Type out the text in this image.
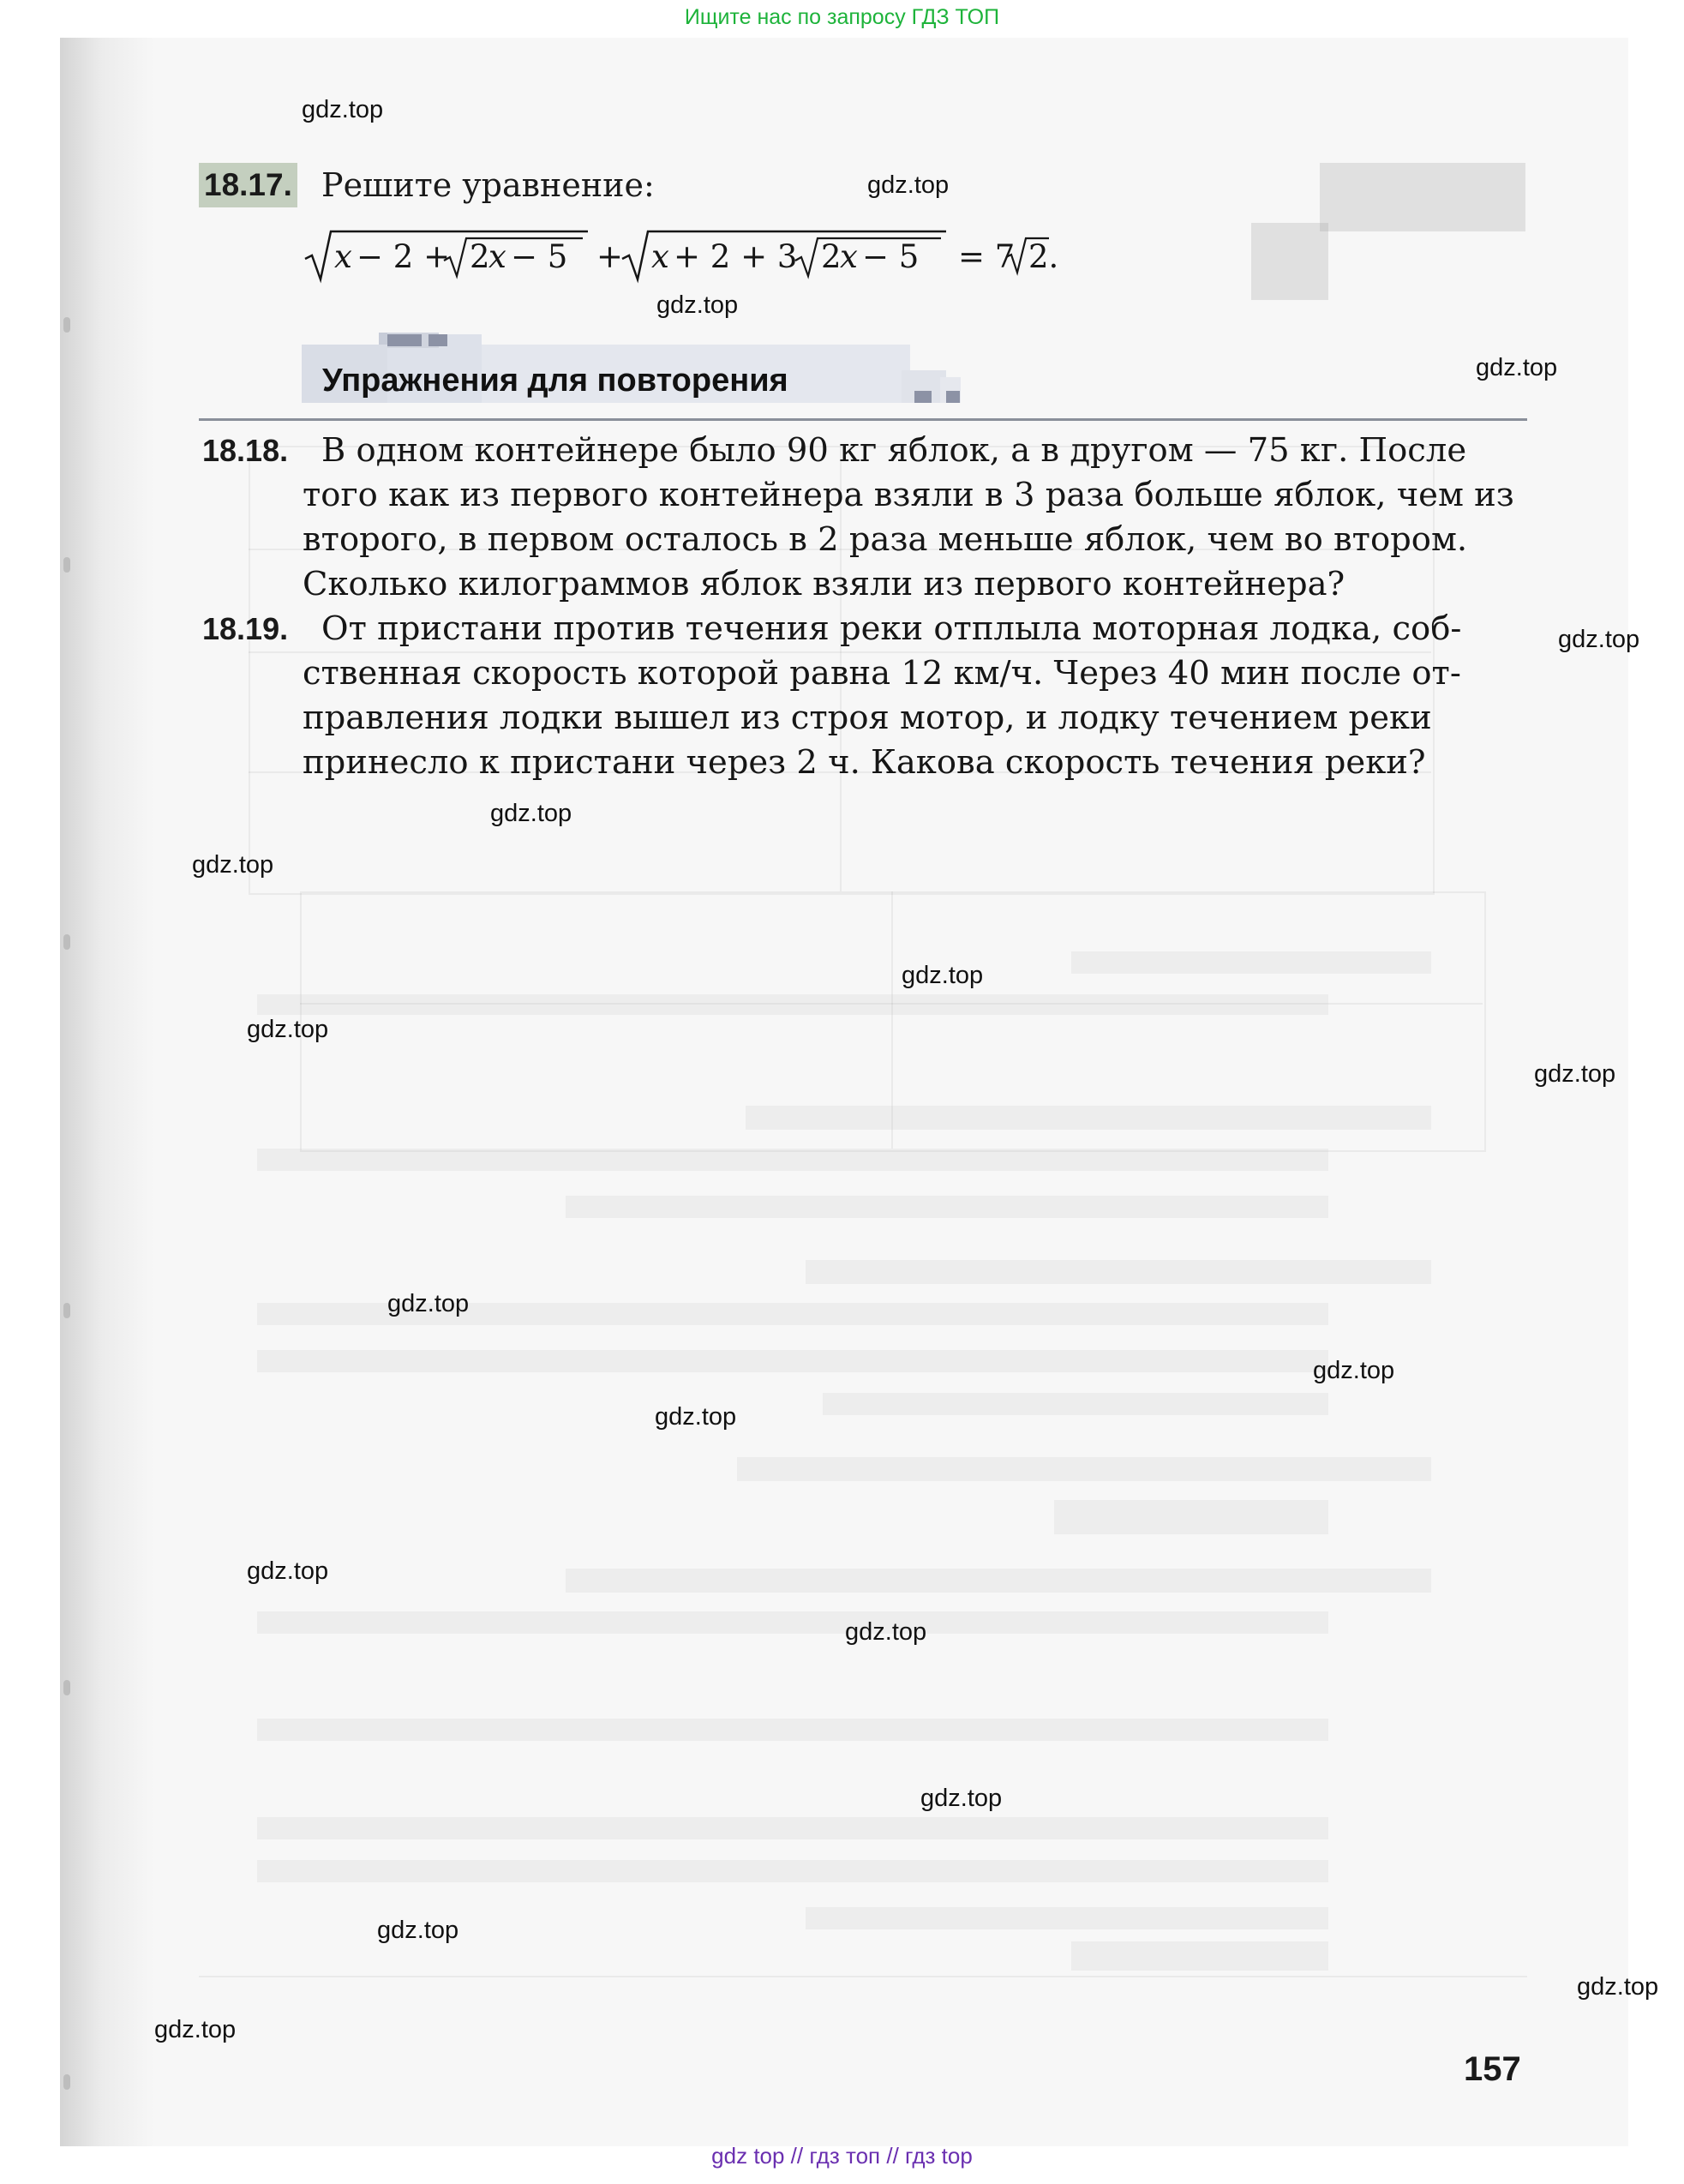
Ищите нас по запросу ГДЗ ТОП
18.17. Решите уравнение:
x − 2 + 2
x − 5 + x + 2 + 3 2
x − 5 = 7 2.
Упражнения для повторения
18.18. В одном контейнере было 90 кг яблок, а в другом — 75 кг. После
того как из первого контейнера взяли в 3 раза больше яблок, чем из
второго, в первом осталось в 2 раза меньше яблок, чем во втором.
Сколько килограммов яблок взяли из первого контейнера?
18.19. От пристани против течения реки отплыла моторная лодка, соб-
ственная скорость которой равна 12 км/ч. Через 40 мин после от-
правления лодки вышел из строя мотор, и лодку течением реки
принесло к пристани через 2 ч. Какова скорость течения реки?
gdz.top
gdz.top
gdz.top
gdz.top
gdz.top
gdz.top
gdz.top
gdz.top
gdz.top
gdz.top
gdz.top
gdz.top
gdz.top
gdz.top
gdz.top
gdz.top
gdz.top
gdz.top
gdz.top
157
gdz top // гдз топ // гдз top
